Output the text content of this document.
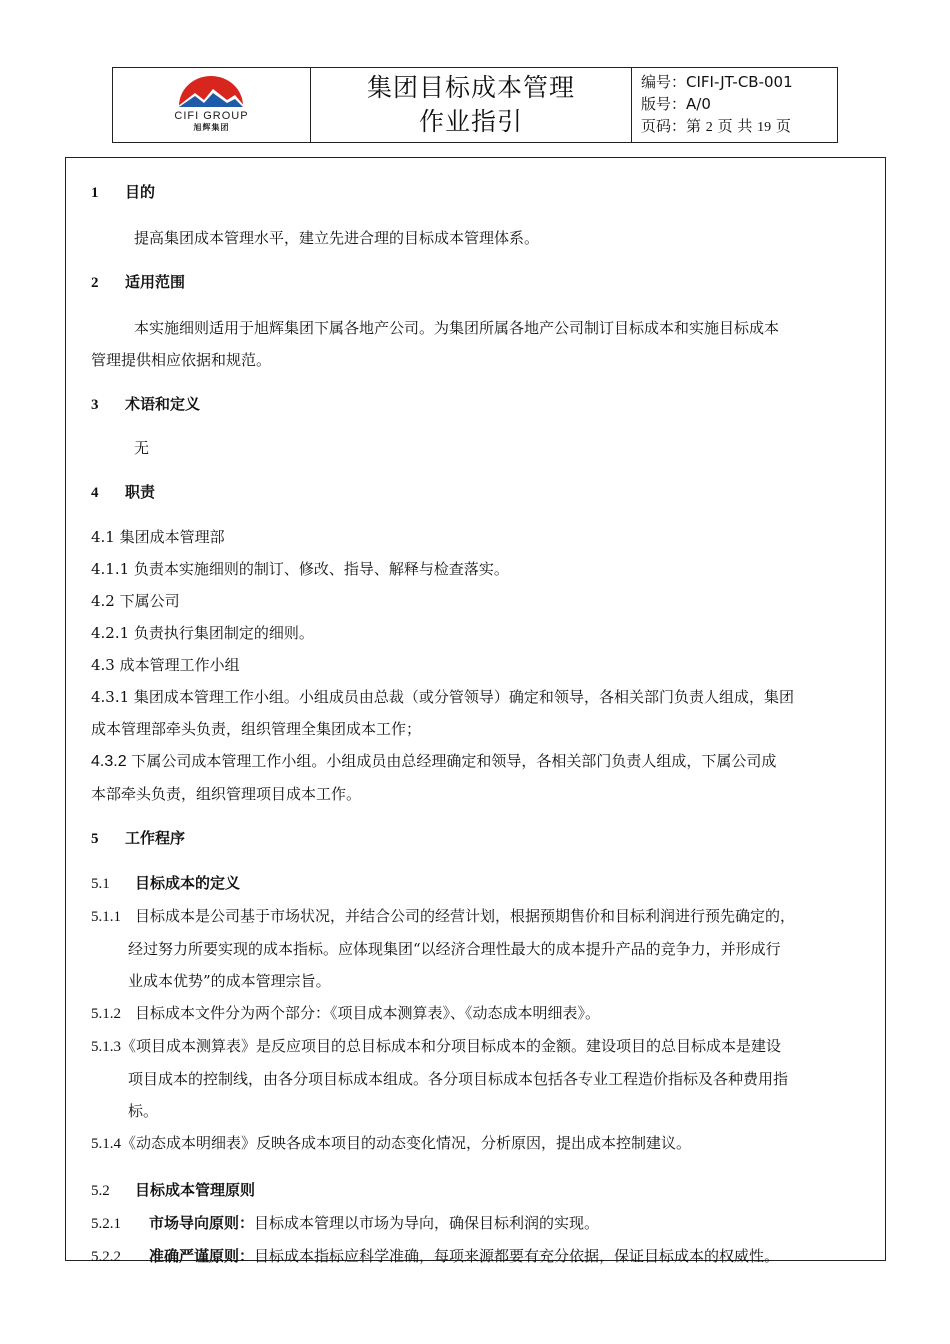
CIFI GROUP
旭辉集团
集团目标成本管理
作业指引
编号：CIFI-JT-CB-001
版号：A/0
页码：第 2 页 共 19 页

1 目的

提高集团成本管理水平，建立先进合理的目标成本管理体系。

2 适用范围

本实施细则适用于旭辉集团下属各地产公司。为集团所属各地产公司制订目标成本和实施目标成本

管理提供相应依据和规范。

3 术语和定义

无

4 职责

4.1 集团成本管理部

4.1.1 负责本实施细则的制订、修改、指导、解释与检查落实。

4.2 下属公司

4.2.1 负责执行集团制定的细则。

4.3 成本管理工作小组

4.3.1 集团成本管理工作小组。小组成员由总裁（或分管领导）确定和领导，各相关部门负责人组成，集团

成本管理部牵头负责，组织管理全集团成本工作；

4.3.2 下属公司成本管理工作小组。小组成员由总经理确定和领导，各相关部门负责人组成，下属公司成

本部牵头负责，组织管理项目成本工作。

5 工作程序

5.1 目标成本的定义

5.1.1 目标成本是公司基于市场状况，并结合公司的经营计划，根据预期售价和目标利润进行预先确定的，

经过努力所要实现的成本指标。应体现集团“以经济合理性最大的成本提升产品的竞争力，并形成行

业成本优势”的成本管理宗旨。

5.1.2 目标成本文件分为两个部分：《项目成本测算表》、《动态成本明细表》。

5.1.3《项目成本测算表》是反应项目的总目标成本和分项目标成本的金额。建设项目的总目标成本是建设

项目成本的控制线，由各分项目标成本组成。各分项目标成本包括各专业工程造价指标及各种费用指

标。

5.1.4《动态成本明细表》反映各成本项目的动态变化情况，分析原因，提出成本控制建议。

5.2 目标成本管理原则

5.2.1 市场导向原则：目标成本管理以市场为导向，确保目标利润的实现。

5.2.2 准确严谨原则：目标成本指标应科学准确，每项来源都要有充分依据，保证目标成本的权威性。
